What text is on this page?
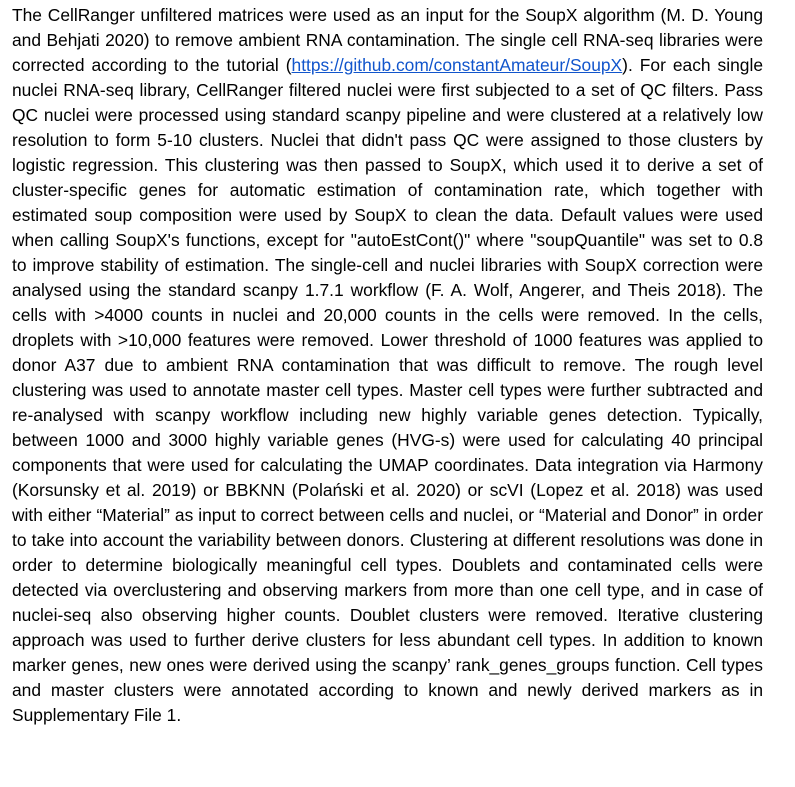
The CellRanger unfiltered matrices were used as an input for the SoupX algorithm (M. D. Young and Behjati 2020) to remove ambient RNA contamination. The single cell RNA-seq libraries were corrected according to the tutorial (https://github.com/constantAmateur/SoupX). For each single nuclei RNA-seq library, CellRanger filtered nuclei were first subjected to a set of QC filters. Pass QC nuclei were processed using standard scanpy pipeline and were clustered at a relatively low resolution to form 5-10 clusters. Nuclei that didn't pass QC were assigned to those clusters by logistic regression. This clustering was then passed to SoupX, which used it to derive a set of cluster-specific genes for automatic estimation of contamination rate, which together with estimated soup composition were used by SoupX to clean the data. Default values were used when calling SoupX's functions, except for "autoEstCont()" where "soupQuantile" was set to 0.8 to improve stability of estimation. The single-cell and nuclei libraries with SoupX correction were analysed using the standard scanpy 1.7.1 workflow (F. A. Wolf, Angerer, and Theis 2018). The cells with >4000 counts in nuclei and 20,000 counts in the cells were removed. In the cells, droplets with >10,000 features were removed. Lower threshold of 1000 features was applied to donor A37 due to ambient RNA contamination that was difficult to remove. The rough level clustering was used to annotate master cell types. Master cell types were further subtracted and re-analysed with scanpy workflow including new highly variable genes detection. Typically, between 1000 and 3000 highly variable genes (HVG-s) were used for calculating 40 principal components that were used for calculating the UMAP coordinates. Data integration via Harmony (Korsunsky et al. 2019) or BBKNN (Polański et al. 2020) or scVI (Lopez et al. 2018) was used with either “Material” as input to correct between cells and nuclei, or “Material and Donor” in order to take into account the variability between donors. Clustering at different resolutions was done in order to determine biologically meaningful cell types. Doublets and contaminated cells were detected via overclustering and observing markers from more than one cell type, and in case of nuclei-seq also observing higher counts. Doublet clusters were removed. Iterative clustering approach was used to further derive clusters for less abundant cell types. In addition to known marker genes, new ones were derived using the scanpy’ rank_genes_groups function. Cell types and master clusters were annotated according to known and newly derived markers as in Supplementary File 1.
